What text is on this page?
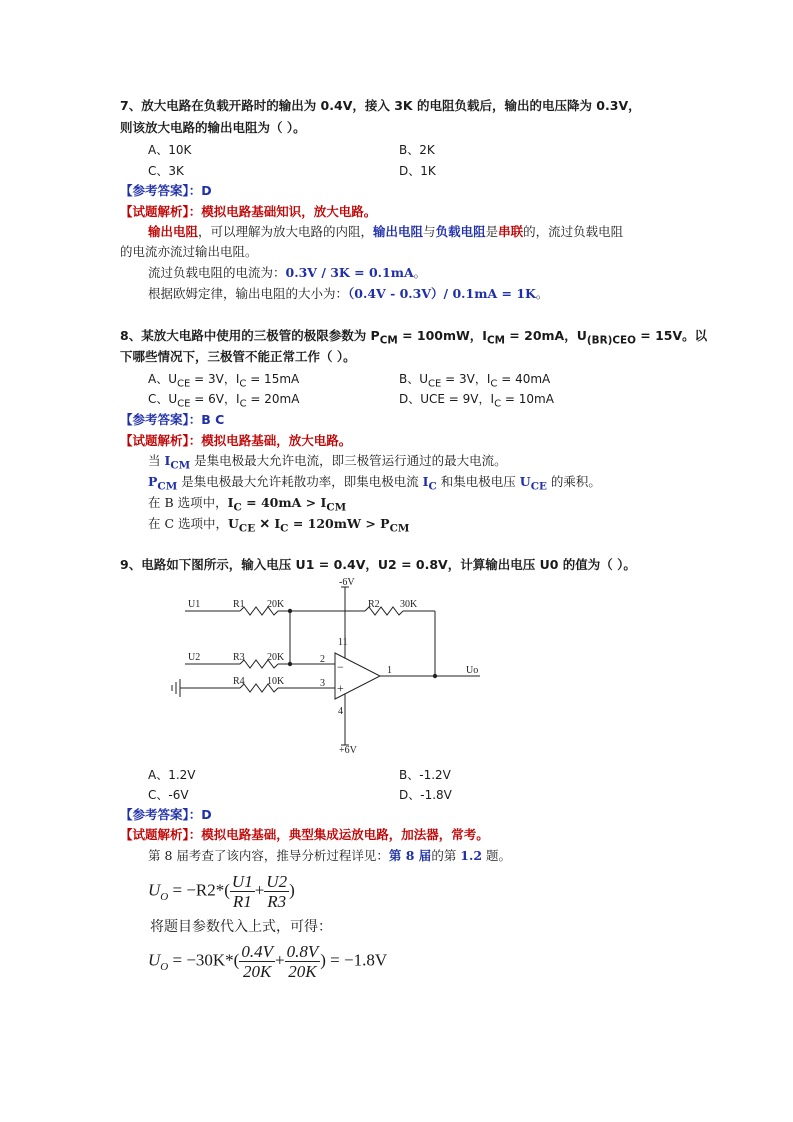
7、放大电路在负载开路时的输出为 0.4V，接入 3K 的电阻负载后，输出的电压降为 0.3V，
则该放大电路的输出电阻为（ ）。
A、10K	B、2K
C、3K	D、1K
【参考答案】：D
【试题解析】：模拟电路基础知识，放大电路。
输出电阻，可以理解为放大电路的内阻，输出电阻与负载电阻是串联的，流过负载电阻
的电流亦流过输出电阻。
流过负载电阻的电流为：0.3V / 3K = 0.1mA。
根据欧姆定律，输出电阻的大小为：（0.4V - 0.3V）/ 0.1mA = 1K。
8、某放大电路中使用的三极管的极限参数为 $P_{CM} = 100mW$，$I_{CM} = 20mA$，$U_{(BR)CEO} = 15V$。以
下哪些情况下，三极管不能正常工作（ ）。
A、$U_{CE} = 3V$，$I_C = 15mA$	B、$U_{CE} = 3V$，$I_C = 40mA$
C、$U_{CE} = 6V$，$I_C = 20mA$	D、UCE = 9V，$I_C = 10mA$
【参考答案】：B C
【试题解析】：模拟电路基础，放大电路。
当 $I_{CM}$ 是集电极最大允许电流，即三极管运行通过的最大电流。
$P_{CM}$ 是集电极最大允许耗散功率，即集电极电流 $I_C$ 和集电极电压 $U_{CE}$ 的乘积。
在 B 选项中，$I_C = 40mA > I_{CM}$
在 C 选项中，$U_{CE}$ ✕ $I_C = 120mW > P_{CM}$
9、电路如下图所示，输入电压 U1 = 0.4V，U2 = 0.8V，计算输出电压 U0 的值为（ ）。
-6V
+6V
U1
U2
R1 20K	R2 30K
R3 20K
R4 10K
2
3
1
11
4
−
+
Uo
A、1.2V	B、-1.2V
C、-6V	D、-1.8V
【参考答案】：D
【试题解析】：模拟电路基础，典型集成运放电路，加法器，常考。
第 8 届考查了该内容，推导分析过程详见：第 8 届的第 1.2 题。
$U_O = -R2*( \frac{U1}{R1} + \frac{U2}{R3}$ )
将题目参数代入上式，可得：
$U_O = -30K*( \frac{0.4V}{20K} + \frac{0.8V}{20K}$ ) = −1.8V
